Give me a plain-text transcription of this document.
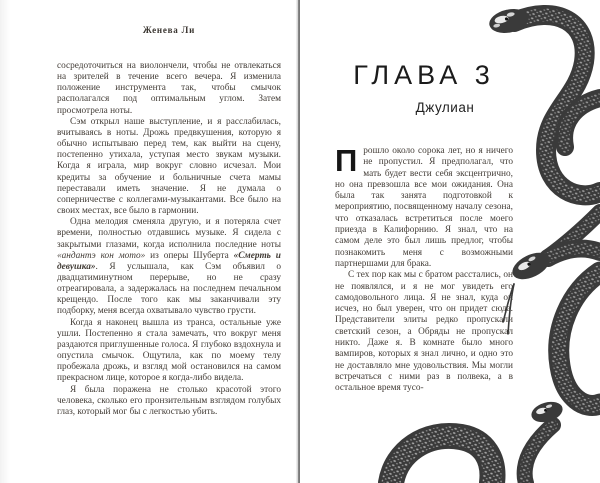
Женева Ли

сосредоточиться на виолончели, чтобы не отвлекаться на зрителей в течение всего вечера. Я изменила положение инструмента так, чтобы смычок располагался под оптимальным углом. Затем просмотрела ноты.

Сэм открыл наше выступление, и я расслабилась, вчитываясь в ноты. Дрожь предвкушения, которую я обычно испытываю перед тем, как выйти на сцену, постепенно утихала, уступая место звукам музыки. Когда я играла, мир вокруг словно исчезал. Мои кредиты за обучение и больничные счета мамы переставали иметь значение. Я не думала о соперничестве с коллегами-музыкантами. Все было на своих местах, все было в гармонии.

Одна мелодия сменяла другую, и я потеряла счет времени, полностью отдавшись музыке. Я сидела с закрытыми глазами, когда исполнила последние ноты «андантэ кон мото» из оперы Шуберта «Смерть и девушка». Я услышала, как Сэм объявил о двадцатиминутном перерыве, но не сразу отреагировала, а задержалась на последнем печальном крещендо. После того как мы заканчивали эту подборку, меня всегда охватывало чувство грусти.

Когда я наконец вышла из транса, остальные уже ушли. Постепенно я стала замечать, что вокруг меня раздаются приглушенные голоса. Я глубоко вздохнула и опустила смычок. Ощутила, как по моему телу пробежала дрожь, и взгляд мой остановился на самом прекрасном лице, которое я когда-либо видела.

Я была поражена не столько красотой этого человека, сколько его пронзительным взглядом голубых глаз, который мог бы с легкостью убить.

ГЛАВА 3
Джулиан

Прошло около сорока лет, но я ничего не пропустил. Я предполагал, что мать будет вести себя эксцентрично, но она превзошла все мои ожидания. Она была так занята подготовкой к мероприятию, посвященному началу сезона, что отказалась встретиться после моего приезда в Калифорнию. Я знал, что на самом деле это был лишь предлог, чтобы познакомить меня с возможными партнершами для брака.

С тех пор как мы с братом расстались, он не появлялся, и я не мог увидеть его самодовольного лица. Я не знал, куда он исчез, но был уверен, что он придет сюда. Представители элиты редко пропускали светский сезон, а Обряды не пропускал никто. Даже я. В комнате было много вампиров, которых я знал лично, и одно это не доставляло мне удовольствия. Мы могли встречаться с ними раз в полвека, а в остальное время тусо-
